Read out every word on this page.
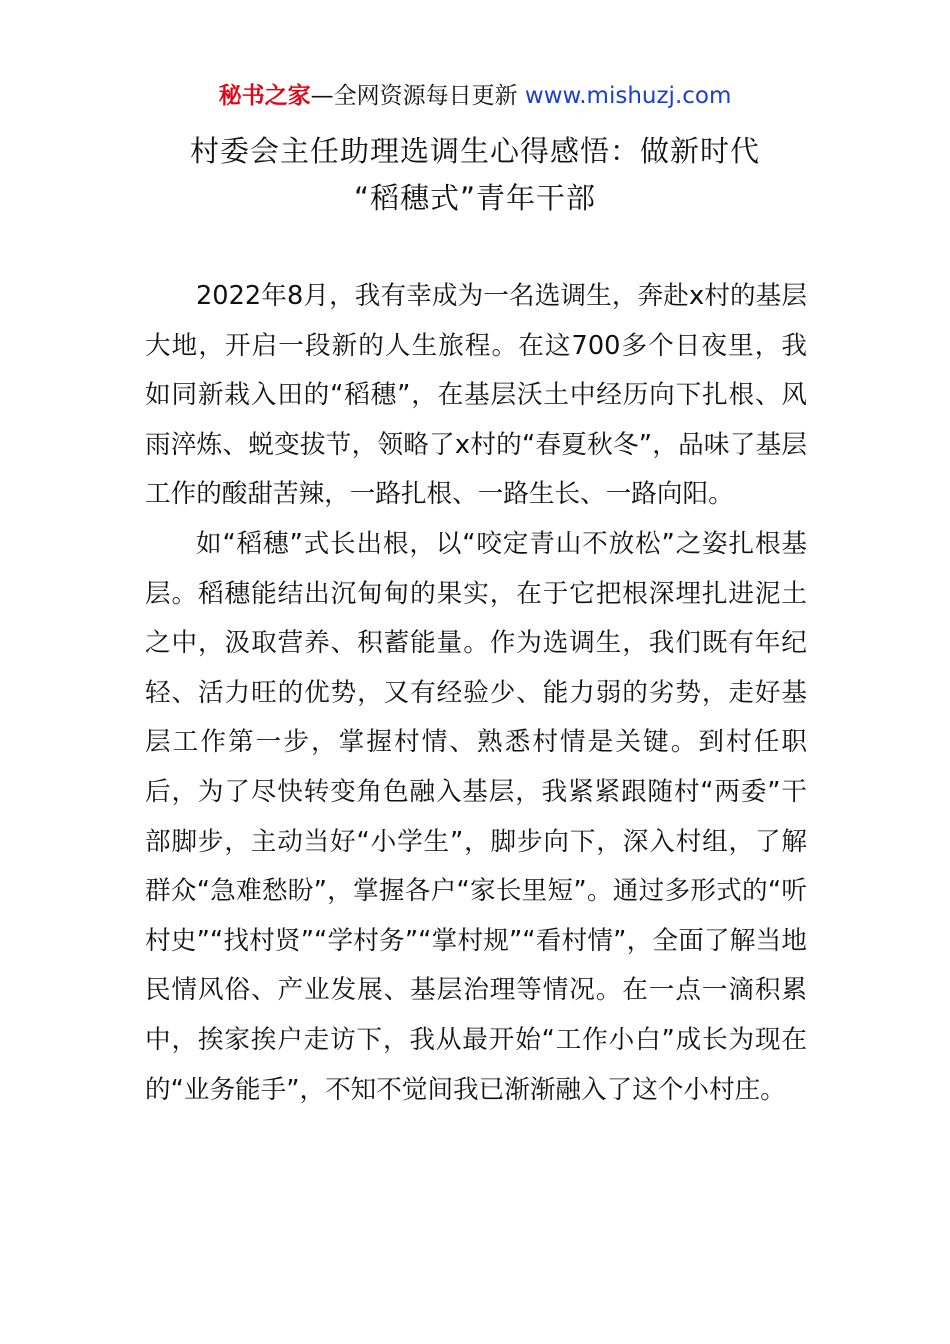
秘书之家—全网资源每日更新 www.mishuzj.com
村委会主任助理选调生心得感悟：做新时代
“稻穗式”青年干部

2022年8月，我有幸成为一名选调生，奔赴x村的基层大地，开启一段新的人生旅程。在这700多个日夜里，我如同新栽入田的“稻穗”，在基层沃土中经历向下扎根、风雨淬炼、蜕变拔节，领略了x村的“春夏秋冬”，品味了基层工作的酸甜苦辣，一路扎根、一路生长、一路向阳。

如“稻穗”式长出根，以“咬定青山不放松”之姿扎根基层。稻穗能结出沉甸甸的果实，在于它把根深埋扎进泥土之中，汲取营养、积蓄能量。作为选调生，我们既有年纪轻、活力旺的优势，又有经验少、能力弱的劣势，走好基层工作第一步，掌握村情、熟悉村情是关键。到村任职后，为了尽快转变角色融入基层，我紧紧跟随村“两委”干部脚步，主动当好“小学生”，脚步向下，深入村组，了解群众“急难愁盼”，掌握各户“家长里短”。通过多形式的“听村史”“找村贤”“学村务”“掌村规”“看村情”，全面了解当地民情风俗、产业发展、基层治理等情况。在一点一滴积累中，挨家挨户走访下，我从最开始“工作小白”成长为现在的“业务能手”，不知不觉间我已渐渐融入了这个小村庄。
